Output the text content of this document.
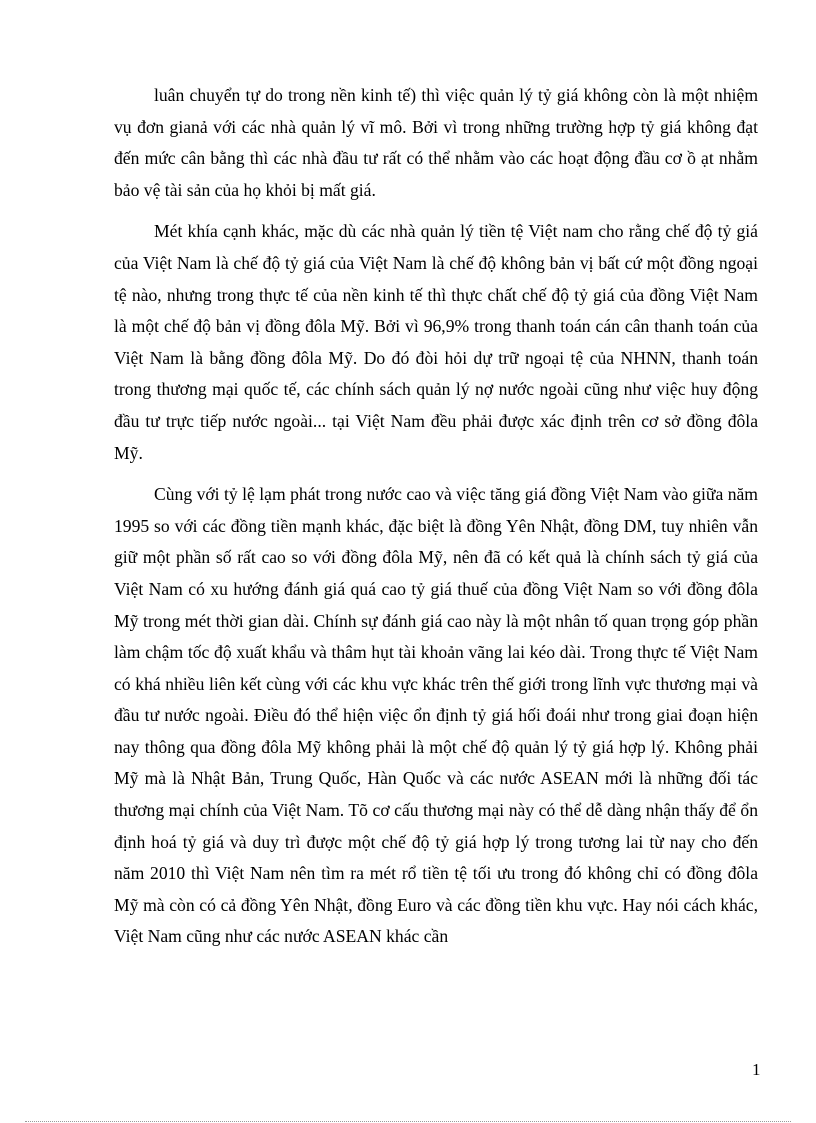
luân chuyển tự do trong nền kinh tế) thì việc quản lý tỷ giá không còn là một nhiệm vụ đơn gianả với các nhà quản lý vĩ mô. Bởi vì trong những trường hợp tỷ giá không đạt đến mức cân bằng thì các nhà đầu tư rất có thể nhằm vào các hoạt động đầu cơ ồ ạt nhằm bảo vệ tài sản của họ khỏi bị mất giá.

Mét khía cạnh khác, mặc dù các nhà quản lý tiền tệ Việt nam cho rằng chế độ tỷ giá của Việt Nam là chế độ tỷ giá của Việt Nam là chế độ không bản vị bất cứ một đồng ngoại tệ nào, nhưng trong thực tế của nền kinh tế thì thực chất chế độ tỷ giá của đồng Việt Nam là một chế độ bản vị đồng đôla Mỹ. Bởi vì 96,9% trong thanh toán cán cân thanh toán của Việt Nam là bằng đồng đôla Mỹ. Do đó đòi hỏi dự trữ ngoại tệ của NHNN, thanh toán trong thương mại quốc tế, các chính sách quản lý nợ nước ngoài cũng như việc huy động đầu tư trực tiếp nước ngoài... tại Việt Nam đều phải được xác định trên cơ sở đồng đôla Mỹ.

Cùng với tỷ lệ lạm phát trong nước cao và việc tăng giá đồng Việt Nam vào giữa năm 1995 so với các đồng tiền mạnh khác, đặc biệt là đồng Yên Nhật, đồng DM, tuy nhiên vẫn giữ một phần số rất cao so với đồng đôla Mỹ, nên đã có kết quả là chính sách tỷ giá của Việt Nam có xu hướng đánh giá quá cao tỷ giá thuế của đồng Việt Nam so với đồng đôla Mỹ trong mét thời gian dài. Chính sự đánh giá cao này là một nhân tố quan trọng góp phần làm chậm tốc độ xuất khẩu và thâm hụt tài khoản vãng lai kéo dài. Trong thực tế Việt Nam có khá nhiều liên kết cùng với các khu vực khác trên thế giới trong lĩnh vực thương mại và đầu tư nước ngoài. Điều đó thể hiện việc ổn định tỷ giá hối đoái như trong giai đoạn hiện nay thông qua đồng đôla Mỹ không phải là một chế độ quản lý tỷ giá hợp lý. Không phải Mỹ mà là Nhật Bản, Trung Quốc, Hàn Quốc và các nước ASEAN mới là những đối tác thương mại chính của Việt Nam. Tõ cơ cấu thương mại này có thể dễ dàng nhận thấy để ổn định hoá tỷ giá và duy trì được một chế độ tỷ giá hợp lý trong tương lai từ nay cho đến năm 2010 thì Việt Nam nên tìm ra mét rổ tiền tệ tối ưu trong đó không chỉ có đồng đôla Mỹ mà còn có cả đồng Yên Nhật, đồng Euro và các đồng tiền khu vực. Hay nói cách khác, Việt Nam cũng như các nước ASEAN khác cần

1
